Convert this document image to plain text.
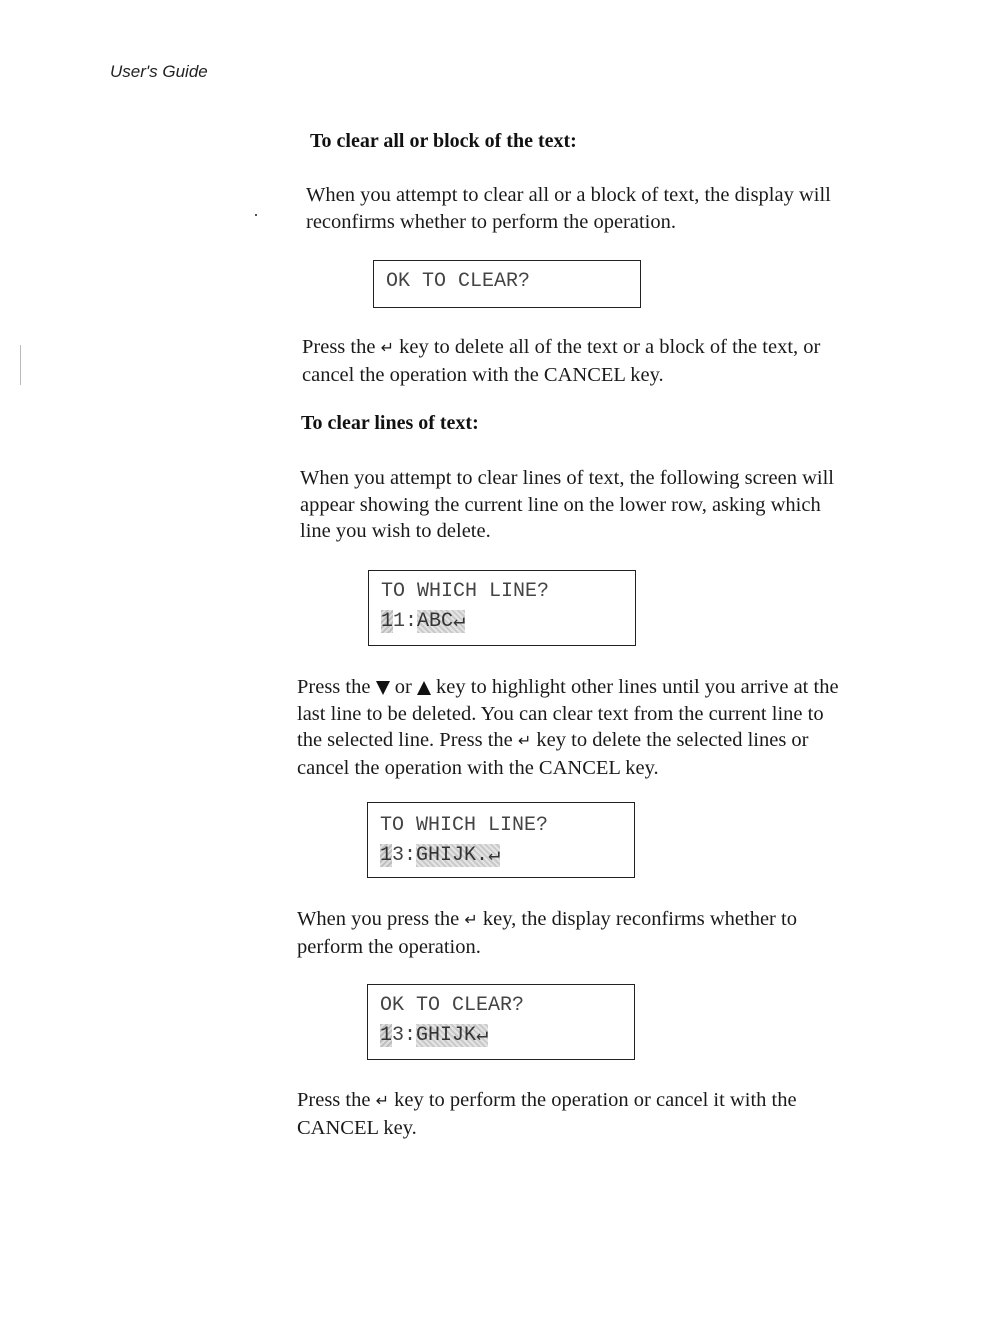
User's Guide
To clear all or block of the text:
When you attempt to clear all or a block of text, the display will
reconfirms whether to perform the operation.
OK TO CLEAR?
Press the ↵ key to delete all of the text or a block of the text, or
cancel the operation with the CANCEL key.
To clear lines of text:
When you attempt to clear lines of text, the following screen will
appear showing the current line on the lower row, asking which
line you wish to delete.
TO WHICH LINE?
11:ABC↵
Press the or key to highlight other lines until you arrive at the
last line to be deleted. You can clear text from the current line to
the selected line. Press the ↵ key to delete the selected lines or
cancel the operation with the CANCEL key.
TO WHICH LINE?
13:GHIJK.↵
When you press the ↵ key, the display reconfirms whether to
perform the operation.
OK TO CLEAR?
13:GHIJK↵
Press the ↵ key to perform the operation or cancel it with the
CANCEL key.
